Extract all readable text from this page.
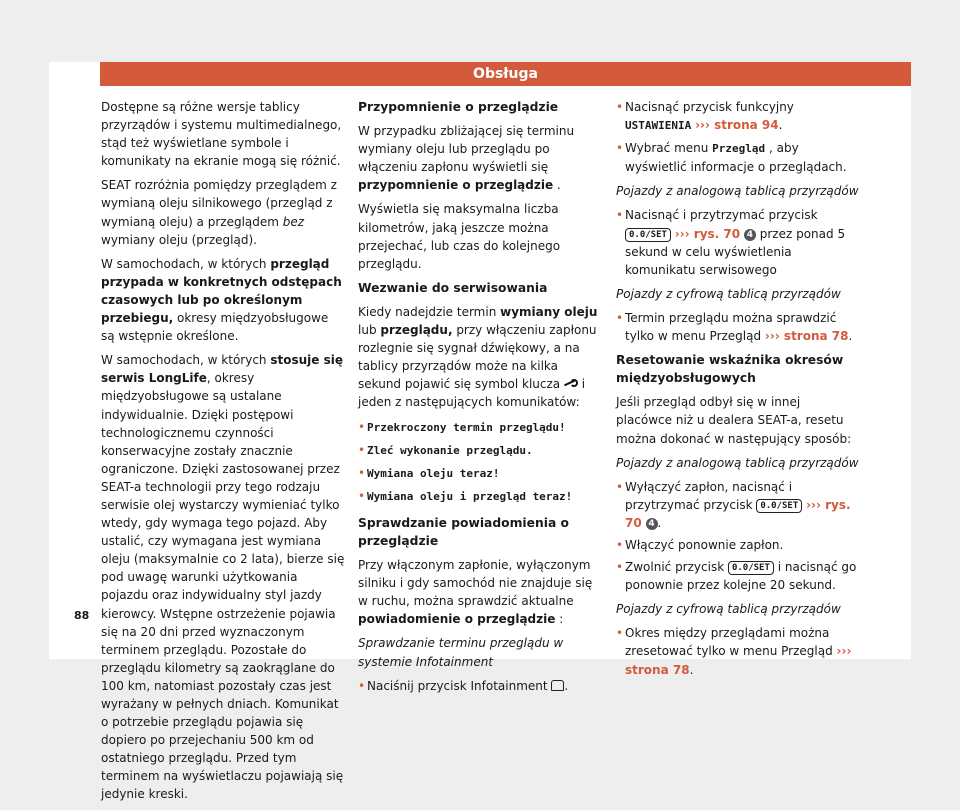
Obsługa

Dostępne są różne wersje tablicy przyrządów i systemu multimedialnego, stąd też wyświetlane symbole i komunikaty na ekranie mogą się różnić.

SEAT rozróżnia pomiędzy przeglądem z wymianą oleju silnikowego (przegląd z wymianą oleju) a przeglądem bez wymiany oleju (przegląd).

W samochodach, w których przegląd przypada w konkretnych odstępach czasowych lub po określonym przebiegu, okresy międzyobsługowe są wstępnie określone.

W samochodach, w których stosuje się serwis LongLife, okresy międzyobsługowe są ustalane indywidualnie. Dzięki postępowi technologicznemu czynności konserwacyjne zostały znacznie ograniczone. Dzięki zastosowanej przez SEAT-a technologii przy tego rodzaju serwisie olej wystarczy wymieniać tylko wtedy, gdy wymaga tego pojazd. Aby ustalić, czy wymagana jest wymiana oleju (maksymalnie co 2 lata), bierze się pod uwagę warunki użytkowania pojazdu oraz indywidualny styl jazdy kierowcy. Wstępne ostrzeżenie pojawia się na 20 dni przed wyznaczonym terminem przeglądu. Pozostałe do przeglądu kilometry są zaokrąglane do 100 km, natomiast pozostały czas jest wyrażany w pełnych dniach. Komunikat o potrzebie przeglądu pojawia się dopiero po przejechaniu 500 km od ostatniego przeglądu. Przed tym terminem na wyświetlaczu pojawiają się jedynie kreski.

Przypomnienie o przeglądzie

W przypadku zbliżającej się terminu wymiany oleju lub przeglądu po włączeniu zapłonu wyświetli się przypomnienie o przeglądzie .

Wyświetla się maksymalna liczba kilometrów, jaką jeszcze można przejechać, lub czas do kolejnego przeglądu.

Wezwanie do serwisowania

Kiedy nadejdzie termin wymiany oleju lub przeglądu, przy włączeniu zapłonu rozlegnie się sygnał dźwiękowy, a na tablicy przyrządów może na kilka sekund pojawić się symbol klucza  i jeden z następujących komunikatów:

• Przekroczony termin przeglądu!
• Zleć wykonanie przeglądu.
• Wymiana oleju teraz!
• Wymiana oleju i przegląd teraz!
Sprawdzanie powiadomienia o przeglądzie

Przy włączonym zapłonie, wyłączonym silniku i gdy samochód nie znajduje się w ruchu, można sprawdzić aktualne powiadomienie o przeglądzie :

Sprawdzanie terminu przeglądu w systemie Infotainment

• Naciśnij przycisk Infotainment .
• Nacisnąć przycisk funkcyjny USTAWIENIA ››› strona 94.
• Wybrać menu Przegląd , aby wyświetlić informacje o przeglądach.

Pojazdy z analogową tablicą przyrządów

• Nacisnąć i przytrzymać przycisk 0.0/SET ››› rys. 70 4 przez ponad 5 sekund w celu wyświetlenia komunikatu serwisowego

Pojazdy z cyfrową tablicą przyrządów

• Termin przeglądu można sprawdzić tylko w menu Przegląd ››› strona 78.
Resetowanie wskaźnika okresów międzyobsługowych

Jeśli przegląd odbył się w innej placówce niż u dealera SEAT-a, resetu można dokonać w następujący sposób:

Pojazdy z analogową tablicą przyrządów

• Wyłączyć zapłon, nacisnąć i przytrzymać przycisk 0.0/SET ››› rys. 70 4 .
• Włączyć ponownie zapłon.
• Zwolnić przycisk 0.0/SET i nacisnąć go ponownie przez kolejne 20 sekund.

Pojazdy z cyfrową tablicą przyrządów

• Okres między przeglądami można zresetować tylko w menu Przegląd ››› strona 78.
88
